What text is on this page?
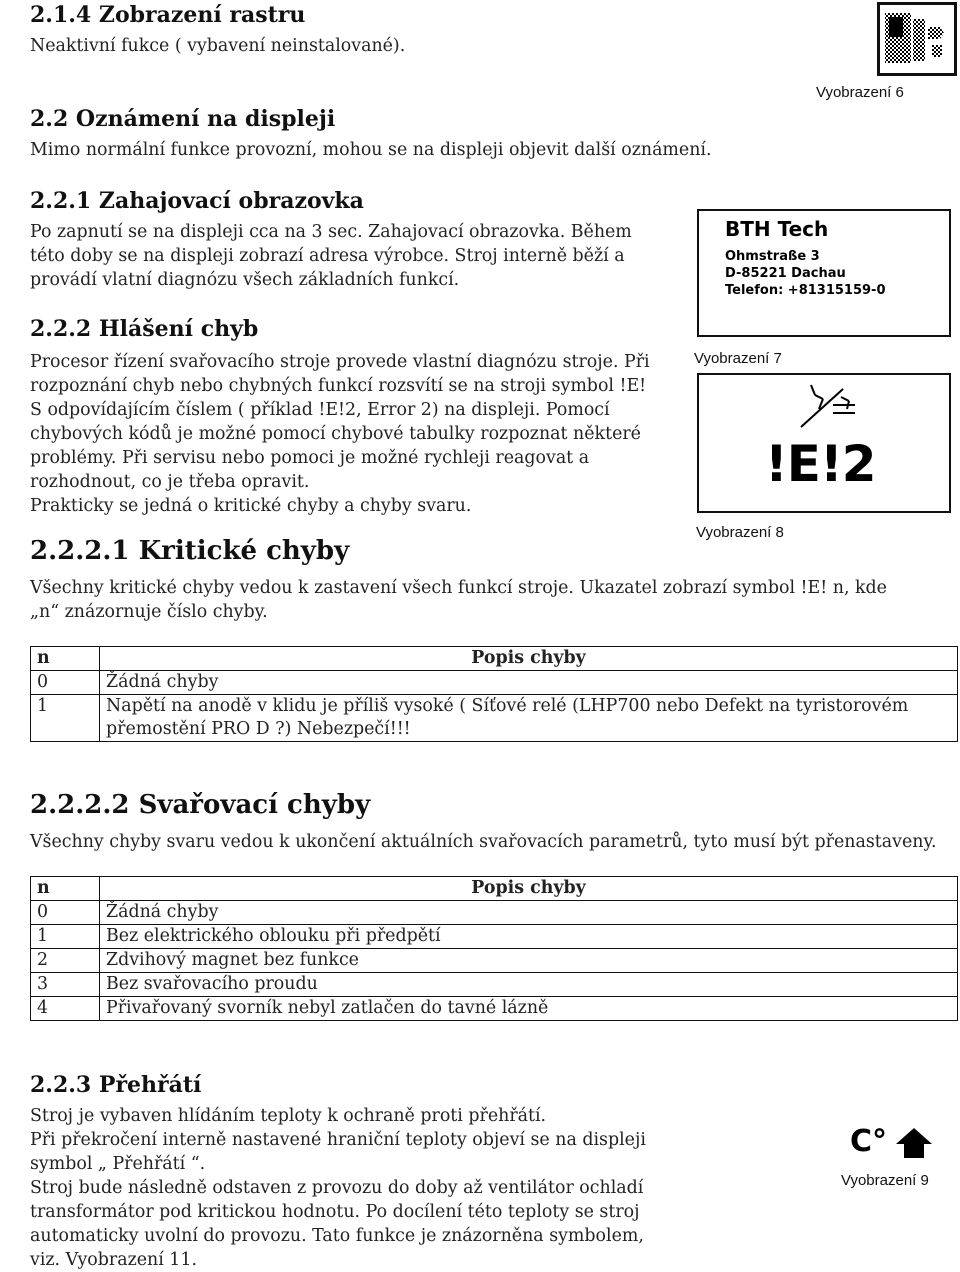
2.1.4 Zobrazení rastru
Neaktivní fukce ( vybavení neinstalované).
Vyobrazení 6
2.2 Oznámení na displeji
Mimo normální funkce provozní, mohou se na displeji objevit další oznámení.
2.2.1 Zahajovací obrazovka
Po zapnutí se na displeji cca na 3 sec. Zahajovací obrazovka. Během
této doby se na displeji zobrazí adresa výrobce. Stroj interně běží a
provádí vlatní diagnózu všech základních funkcí.
BTH Tech
Ohmstraße 3
D-85221 Dachau
Telefon: +81315159-0
Vyobrazení 7
2.2.2 Hlášení chyb
Procesor řízení svařovacího stroje provede vlastní diagnózu stroje. Při
rozpoznání chyb nebo chybných funkcí rozsvítí se na stroji symbol !E!
S odpovídajícím číslem ( příklad !E!2, Error 2) na displeji. Pomocí
chybových kódů je možné pomocí chybové tabulky rozpoznat některé
problémy. Při servisu nebo pomoci je možné rychleji reagovat a
rozhodnout, co je třeba opravit.
Prakticky se jedná o kritické chyby a chyby svaru.
!E!2
Vyobrazení 8
2.2.2.1 Kritické chyby
Všechny kritické chyby vedou k zastavení všech funkcí stroje. Ukazatel zobrazí symbol !E! n, kde
„n“ znázornuje číslo chyby.
n	Popis chyby
0	Žádná chyby
1	Napětí na anodě v klidu je příliš vysoké ( Síťové relé (LHP700 nebo Defekt na tyristorovém
přemostění PRO D ?) Nebezpečí!!!
2.2.2.2 Svařovací chyby
Všechny chyby svaru vedou k ukončení aktuálních svařovacích parametrů, tyto musí být přenastaveny.
n	Popis chyby
0	Žádná chyby
1	Bez elektrického oblouku při předpětí
2	Zdvihový magnet bez funkce
3	Bez svařovacího proudu
4	Přivařovaný svorník nebyl zatlačen do tavné lázně
2.2.3 Přehřátí
Stroj je vybaven hlídáním teploty k ochraně proti přehřátí.
Při překročení interně nastavené hraniční teploty objeví se na displeji
symbol „ Přehřátí “.
Stroj bude následně odstaven z provozu do doby až ventilátor ochladí
transformátor pod kritickou hodnotu. Po docílení této teploty se stroj
automaticky uvolní do provozu. Tato funkce je znázorněna symbolem,
viz. Vyobrazení 11.
C°
Vyobrazení 9
